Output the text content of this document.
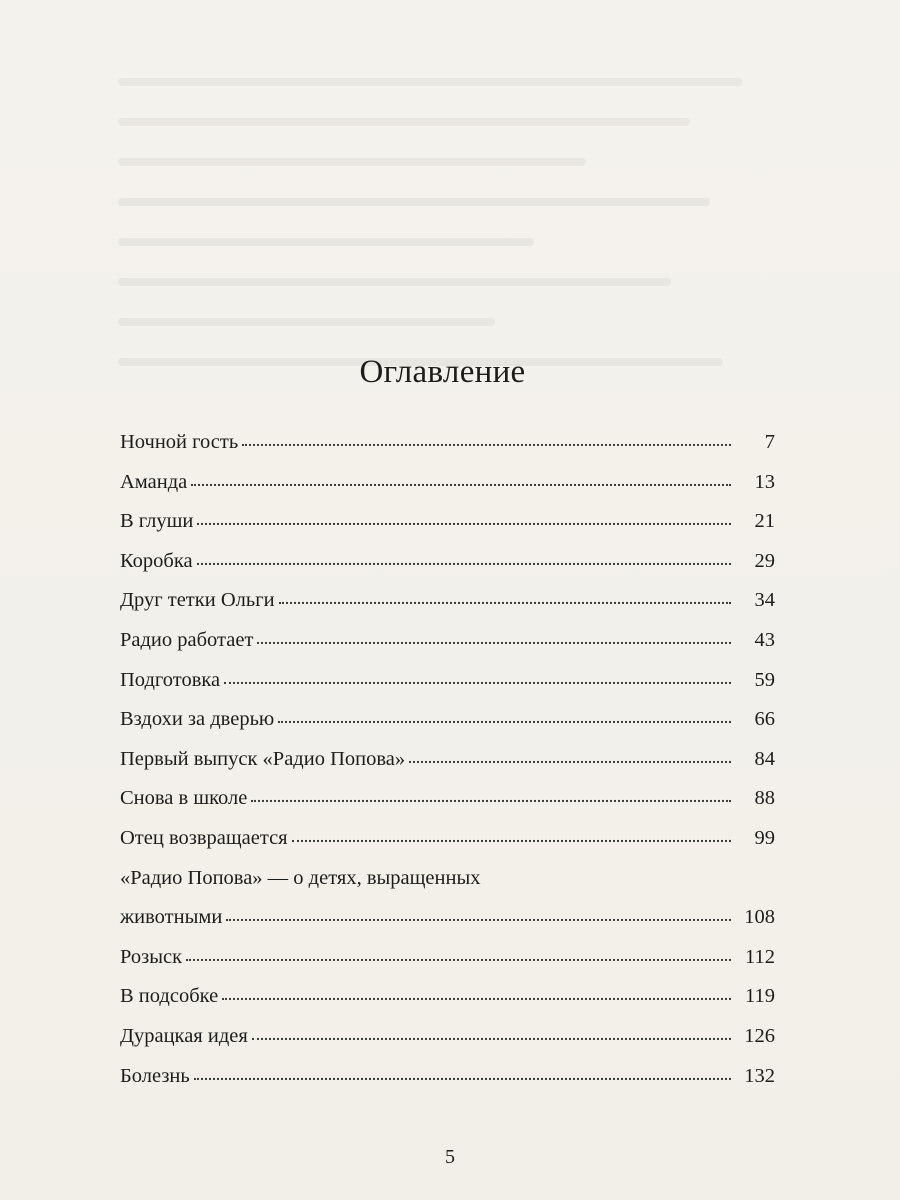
Оглавление
Ночной гость	7
Аманда	13
В глуши	21
Коробка	29
Друг тетки Ольги	34
Радио работает	43
Подготовка	59
Вздохи за дверью	66
Первый выпуск «Радио Попова»	84
Снова в школе	88
Отец возвращается	99
«Радио Попова» — о детях, выращенных
животными	108
Розыск	112
В подсобке	119
Дурацкая идея	126
Болезнь	132
5
